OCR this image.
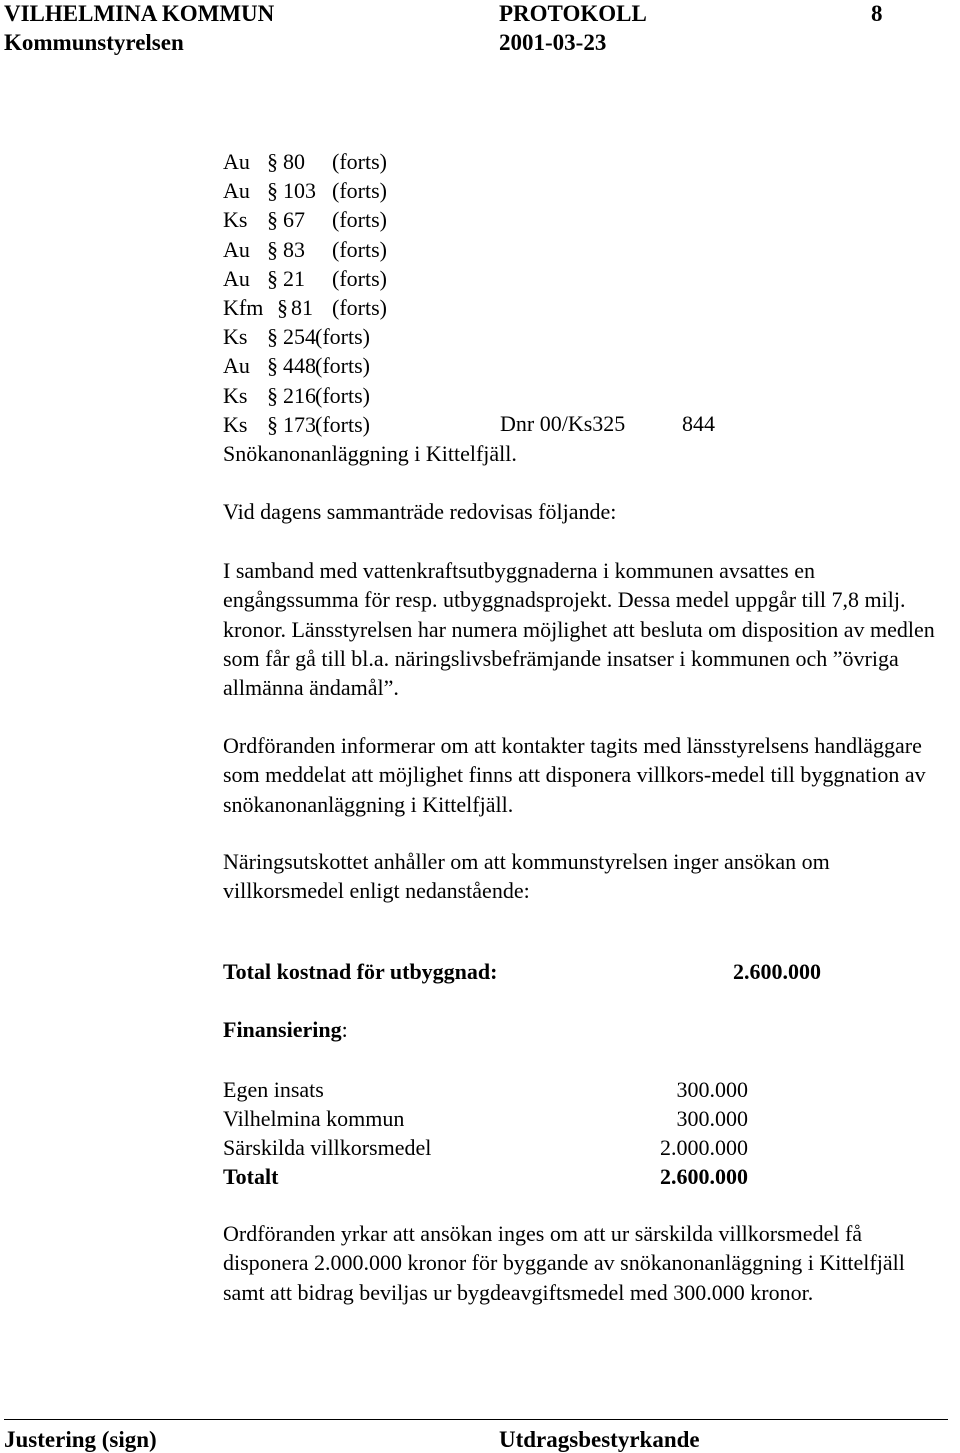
VILHELMINA KOMMUN	PROTOKOLL	8
Kommunstyrelsen	2001-03-23
Au § 80 (forts)
Au § 103 (forts)
Ks § 67 (forts)
Au § 83 (forts)
Au § 21 (forts)
Kfm § 81 (forts)
Ks § 254 (forts)
Au § 448 (forts)
Ks § 216 (forts)
Ks § 173 (forts)	Dnr 00/Ks325	844
Snökanonanläggning i Kittelfjäll.
Vid dagens sammanträde redovisas följande:
I samband med vattenkraftsutbyggnaderna i kommunen avsattes en engångssumma för resp. utbyggnadsprojekt. Dessa medel uppgår till 7,8 milj. kronor. Länsstyrelsen har numera möjlighet att besluta om disposition av medlen som får gå till bl.a. näringslivsbefrämjande insatser i kommunen och ”övriga allmänna ändamål”.
Ordföranden informerar om att kontakter tagits med länsstyrelsens handläggare som meddelat att möjlighet finns att disponera villkors-medel till byggnation av snökanonanläggning i Kittelfjäll.
Näringsutskottet anhåller om att kommunstyrelsen inger ansökan om villkorsmedel enligt nedanstående:
Total kostnad för utbyggnad:	2.600.000
Finansiering:
Egen insats	300.000
Vilhelmina kommun	300.000
Särskilda villkorsmedel	2.000.000
Totalt	2.600.000
Ordföranden yrkar att ansökan inges om att ur särskilda villkorsmedel få disponera 2.000.000 kronor för byggande av snökanonanläggning i Kittelfjäll samt att bidrag beviljas ur bygdeavgiftsmedel med 300.000 kronor.
Justering (sign)	Utdragsbestyrkande
